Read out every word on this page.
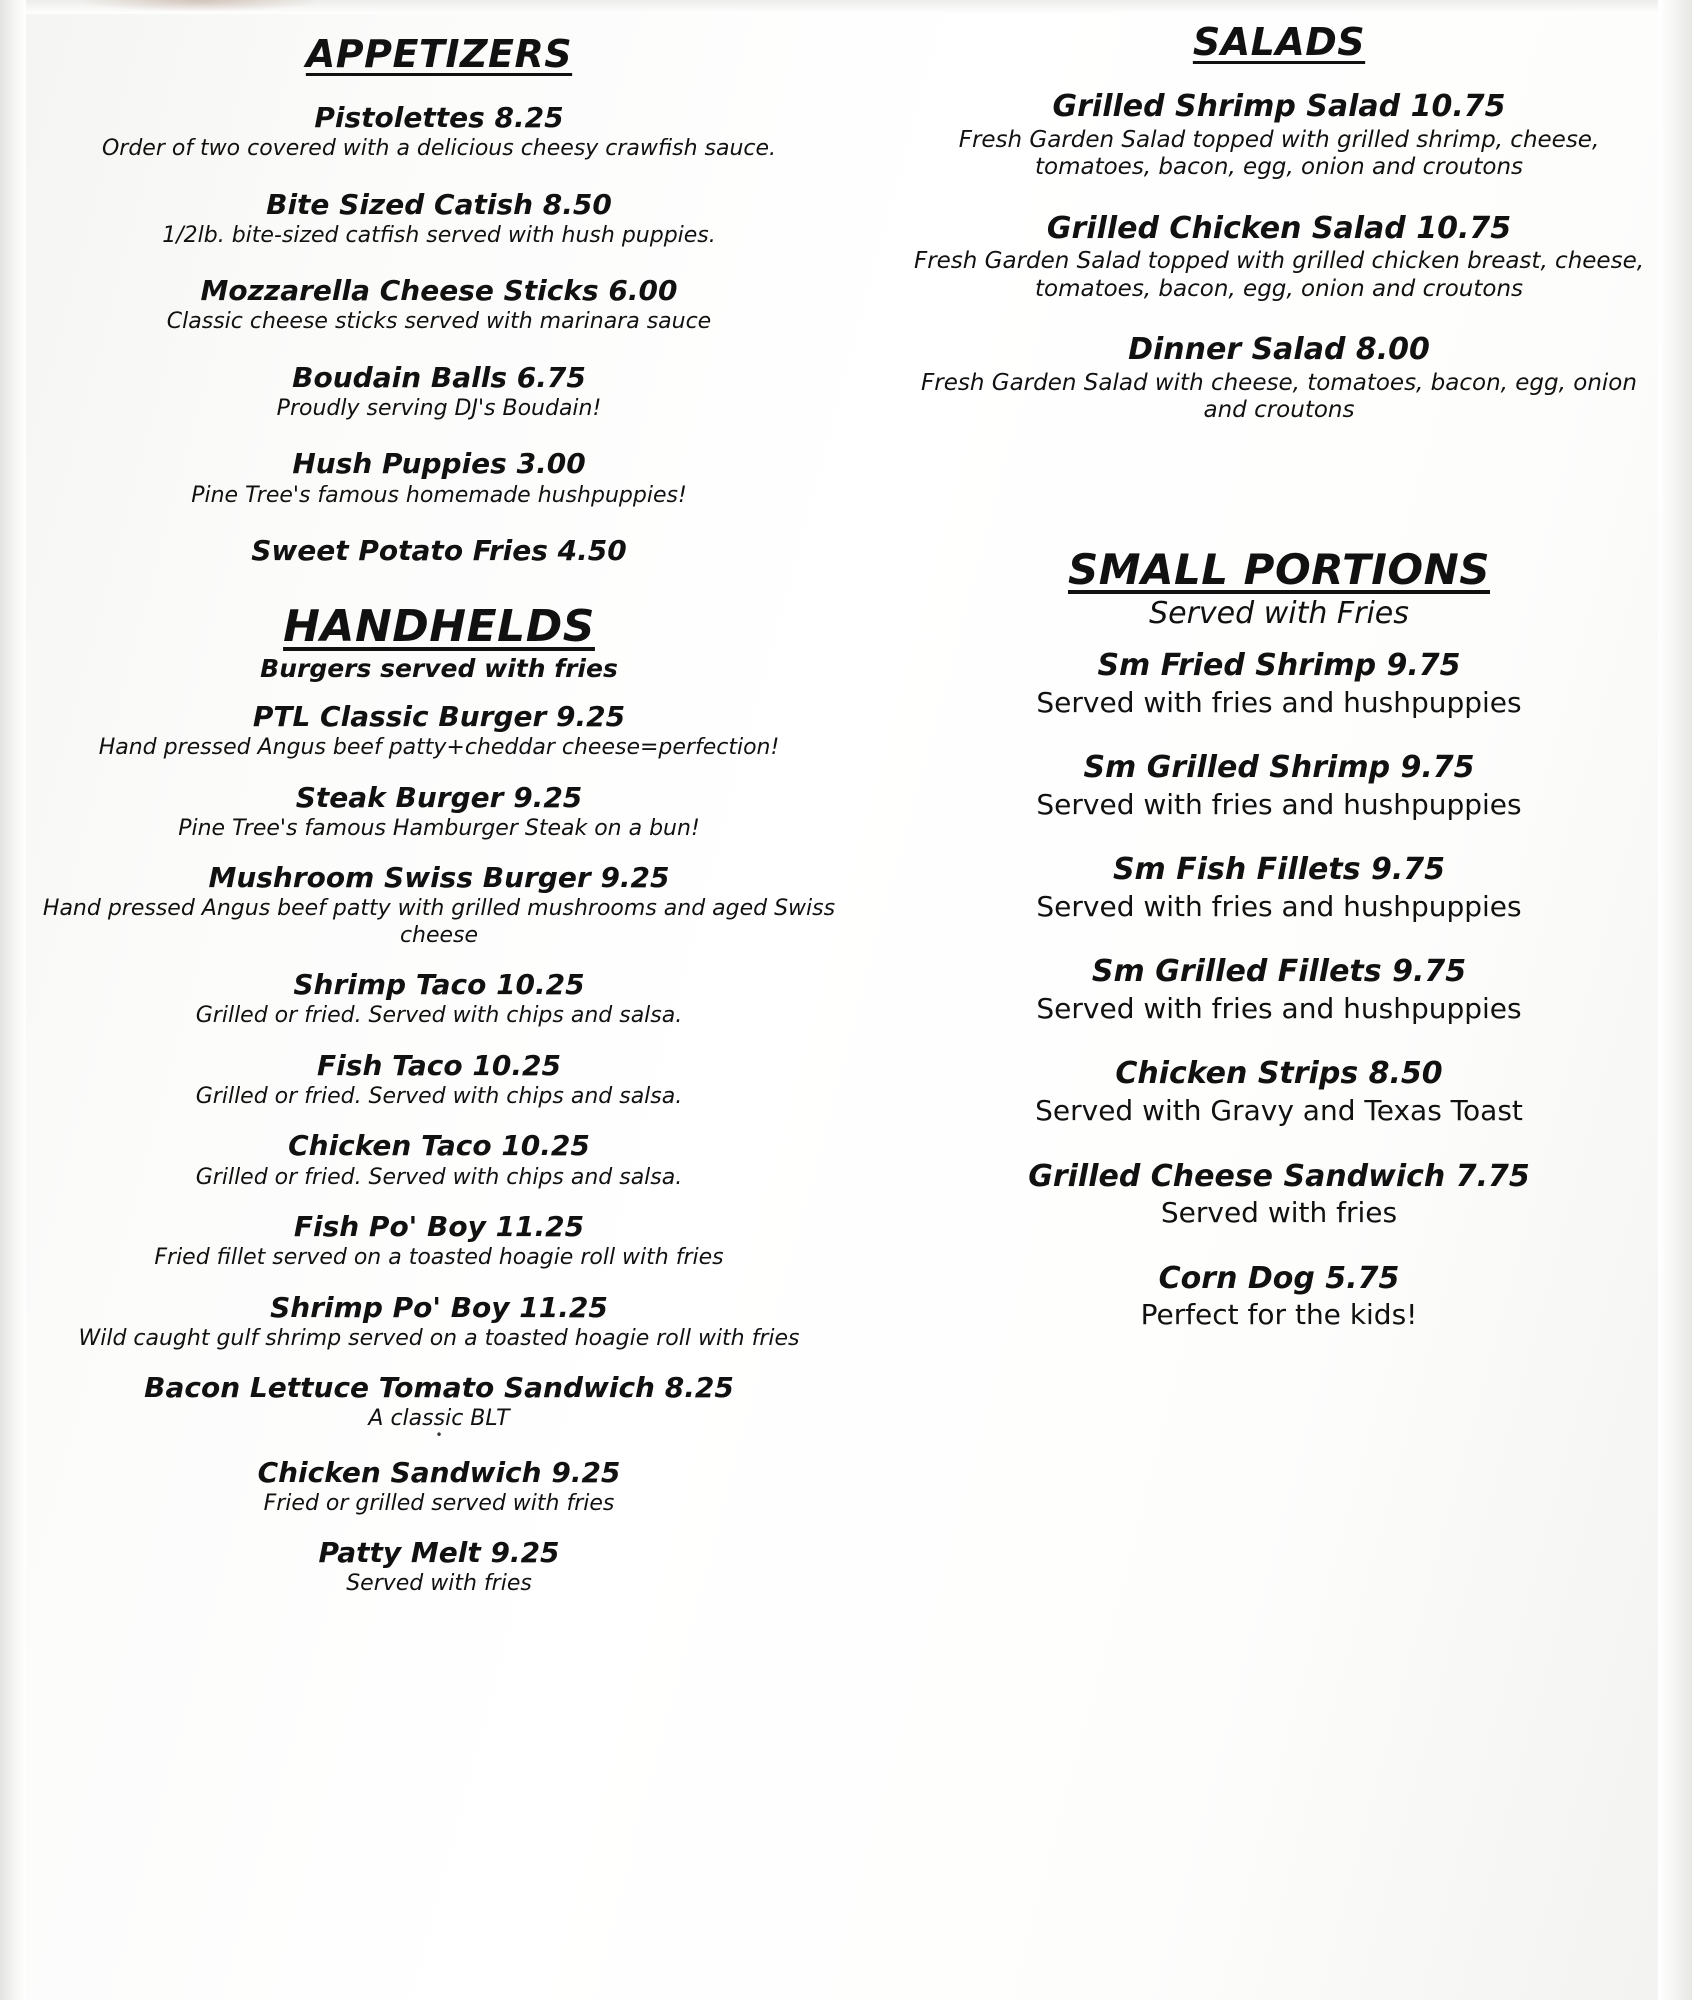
APPETIZERS
Pistolettes 8.25
Order of two covered with a delicious cheesy crawfish sauce.
Bite Sized Catish 8.50
1/2lb. bite-sized catfish served with hush puppies.
Mozzarella Cheese Sticks 6.00
Classic cheese sticks served with marinara sauce
Boudain Balls 6.75
Proudly serving DJ's Boudain!
Hush Puppies 3.00
Pine Tree's famous homemade hushpuppies!
Sweet Potato Fries 4.50
HANDHELDS
Burgers served with fries
PTL Classic Burger 9.25
Hand pressed Angus beef patty+cheddar cheese=perfection!
Steak Burger 9.25
Pine Tree's famous Hamburger Steak on a bun!
Mushroom Swiss Burger 9.25
Hand pressed Angus beef patty with grilled mushrooms and aged Swiss cheese
Shrimp Taco 10.25
Grilled or fried. Served with chips and salsa.
Fish Taco 10.25
Grilled or fried. Served with chips and salsa.
Chicken Taco 10.25
Grilled or fried. Served with chips and salsa.
Fish Po' Boy 11.25
Fried fillet served on a toasted hoagie roll with fries
Shrimp Po' Boy 11.25
Wild caught gulf shrimp served on a toasted hoagie roll with fries
Bacon Lettuce Tomato Sandwich 8.25
A classic BLT
•
Chicken Sandwich 9.25
Fried or grilled served with fries
Patty Melt 9.25
Served with fries
SALADS
Grilled Shrimp Salad 10.75
Fresh Garden Salad topped with grilled shrimp, cheese, tomatoes, bacon, egg, onion and croutons
Grilled Chicken Salad 10.75
Fresh Garden Salad topped with grilled chicken breast, cheese, tomatoes, bacon, egg, onion and croutons
Dinner Salad 8.00
Fresh Garden Salad with cheese, tomatoes, bacon, egg, onion and croutons
SMALL PORTIONS
Served with Fries
Sm Fried Shrimp 9.75
Served with fries and hushpuppies
Sm Grilled Shrimp 9.75
Served with fries and hushpuppies
Sm Fish Fillets 9.75
Served with fries and hushpuppies
Sm Grilled Fillets 9.75
Served with fries and hushpuppies
Chicken Strips 8.50
Served with Gravy and Texas Toast
Grilled Cheese Sandwich 7.75
Served with fries
Corn Dog 5.75
Perfect for the kids!
